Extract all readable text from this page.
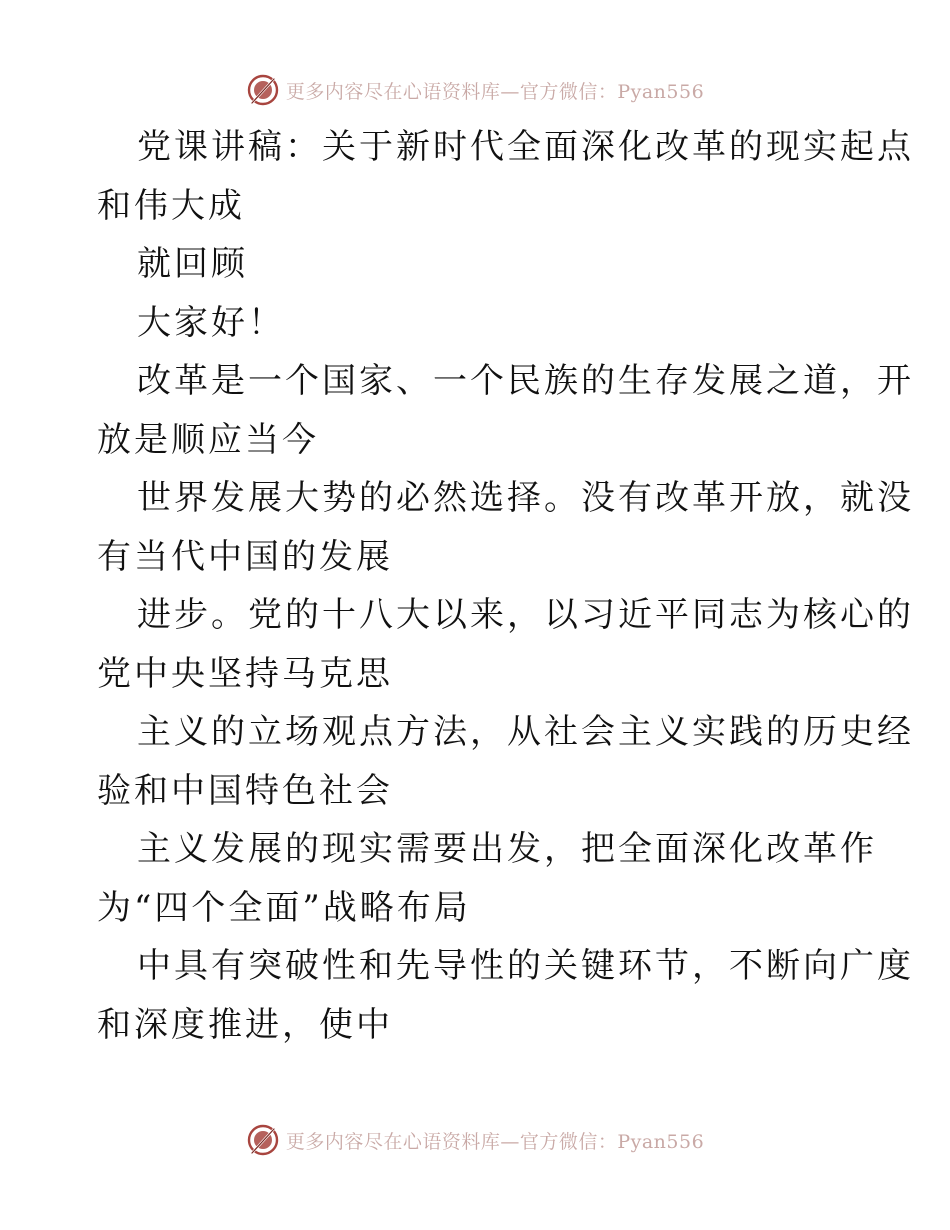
更多内容尽在心语资料库—官方微信：Pyan556
党课讲稿：关于新时代全面深化改革的现实起点
和伟大成
就回顾
大家好！
改革是一个国家、一个民族的生存发展之道，开
放是顺应当今
世界发展大势的必然选择。没有改革开放，就没
有当代中国的发展
进步。党的十八大以来，以习近平同志为核心的
党中央坚持马克思
主义的立场观点方法，从社会主义实践的历史经
验和中国特色社会
主义发展的现实需要出发，把全面深化改革作
为“四个全面”战略布局
中具有突破性和先导性的关键环节，不断向广度
和深度推进，使中
更多内容尽在心语资料库—官方微信：Pyan556
